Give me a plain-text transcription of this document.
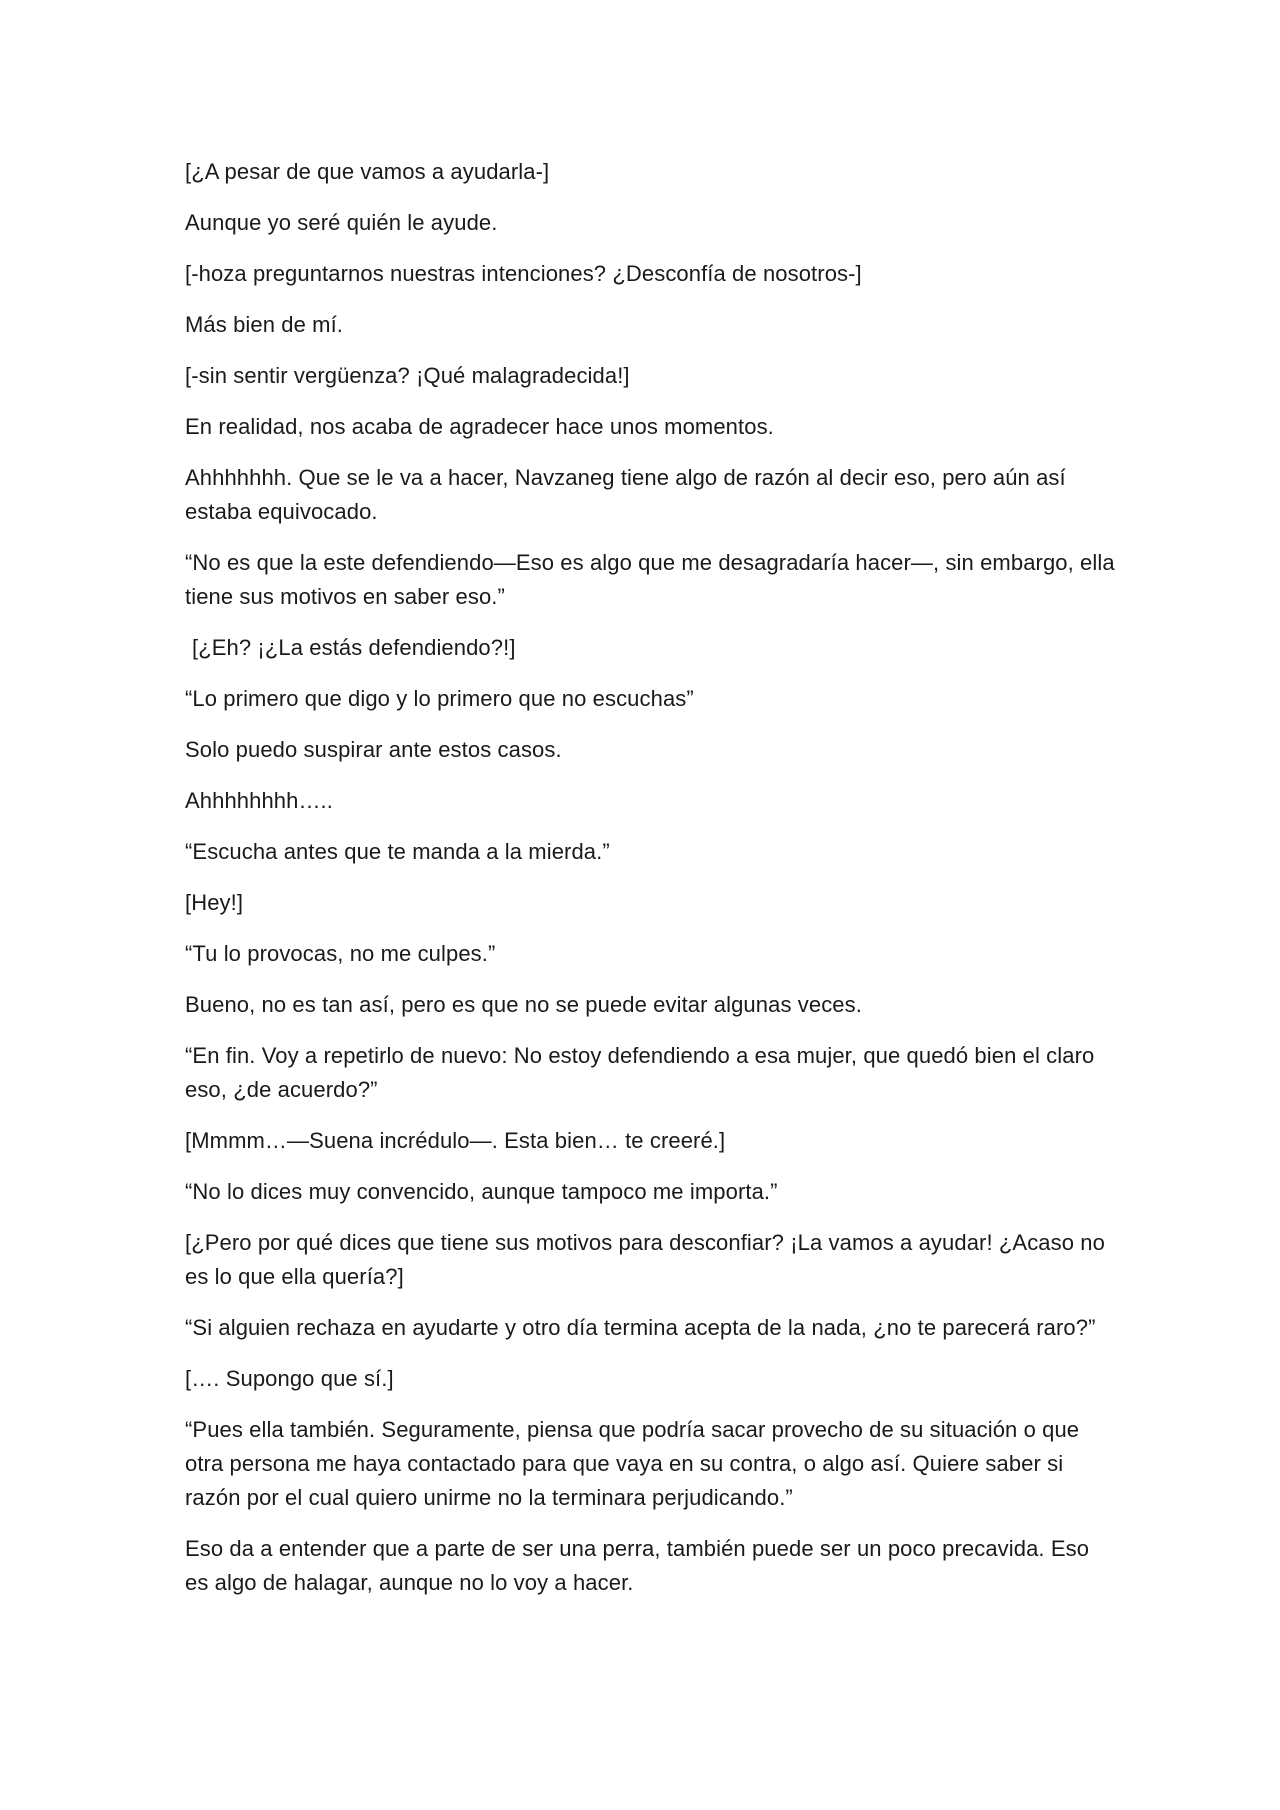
[¿A pesar de que vamos a ayudarla-]

Aunque yo seré quién le ayude.

[-hoza preguntarnos nuestras intenciones? ¿Desconfía de nosotros-]

Más bien de mí.

[-sin sentir vergüenza? ¡Qué malagradecida!]

En realidad, nos acaba de agradecer hace unos momentos.

Ahhhhhhh. Que se le va a hacer, Navzaneg tiene algo de razón al decir eso, pero aún así estaba equivocado.

“No es que la este defendiendo—Eso es algo que me desagradaría hacer—, sin embargo, ella tiene sus motivos en saber eso.”

[¿Eh? ¡¿La estás defendiendo?!]

“Lo primero que digo y lo primero que no escuchas”

Solo puedo suspirar ante estos casos.

Ahhhhhhhh…..

“Escucha antes que te manda a la mierda.”

[Hey!]

“Tu lo provocas, no me culpes.”

Bueno, no es tan así, pero es que no se puede evitar algunas veces.

“En fin. Voy a repetirlo de nuevo: No estoy defendiendo a esa mujer, que quedó bien el claro eso, ¿de acuerdo?”

[Mmmm…—Suena incrédulo—. Esta bien… te creeré.]

“No lo dices muy convencido, aunque tampoco me importa.”

[¿Pero por qué dices que tiene sus motivos para desconfiar? ¡La vamos a ayudar! ¿Acaso no es lo que ella quería?]

“Si alguien rechaza en ayudarte y otro día termina acepta de la nada, ¿no te parecerá raro?”

[…. Supongo que sí.]

“Pues ella también. Seguramente, piensa que podría sacar provecho de su situación o que otra persona me haya contactado para que vaya en su contra, o algo así. Quiere saber si razón por el cual quiero unirme no la terminara perjudicando.”

Eso da a entender que a parte de ser una perra, también puede ser un poco precavida. Eso es algo de halagar, aunque no lo voy a hacer.
